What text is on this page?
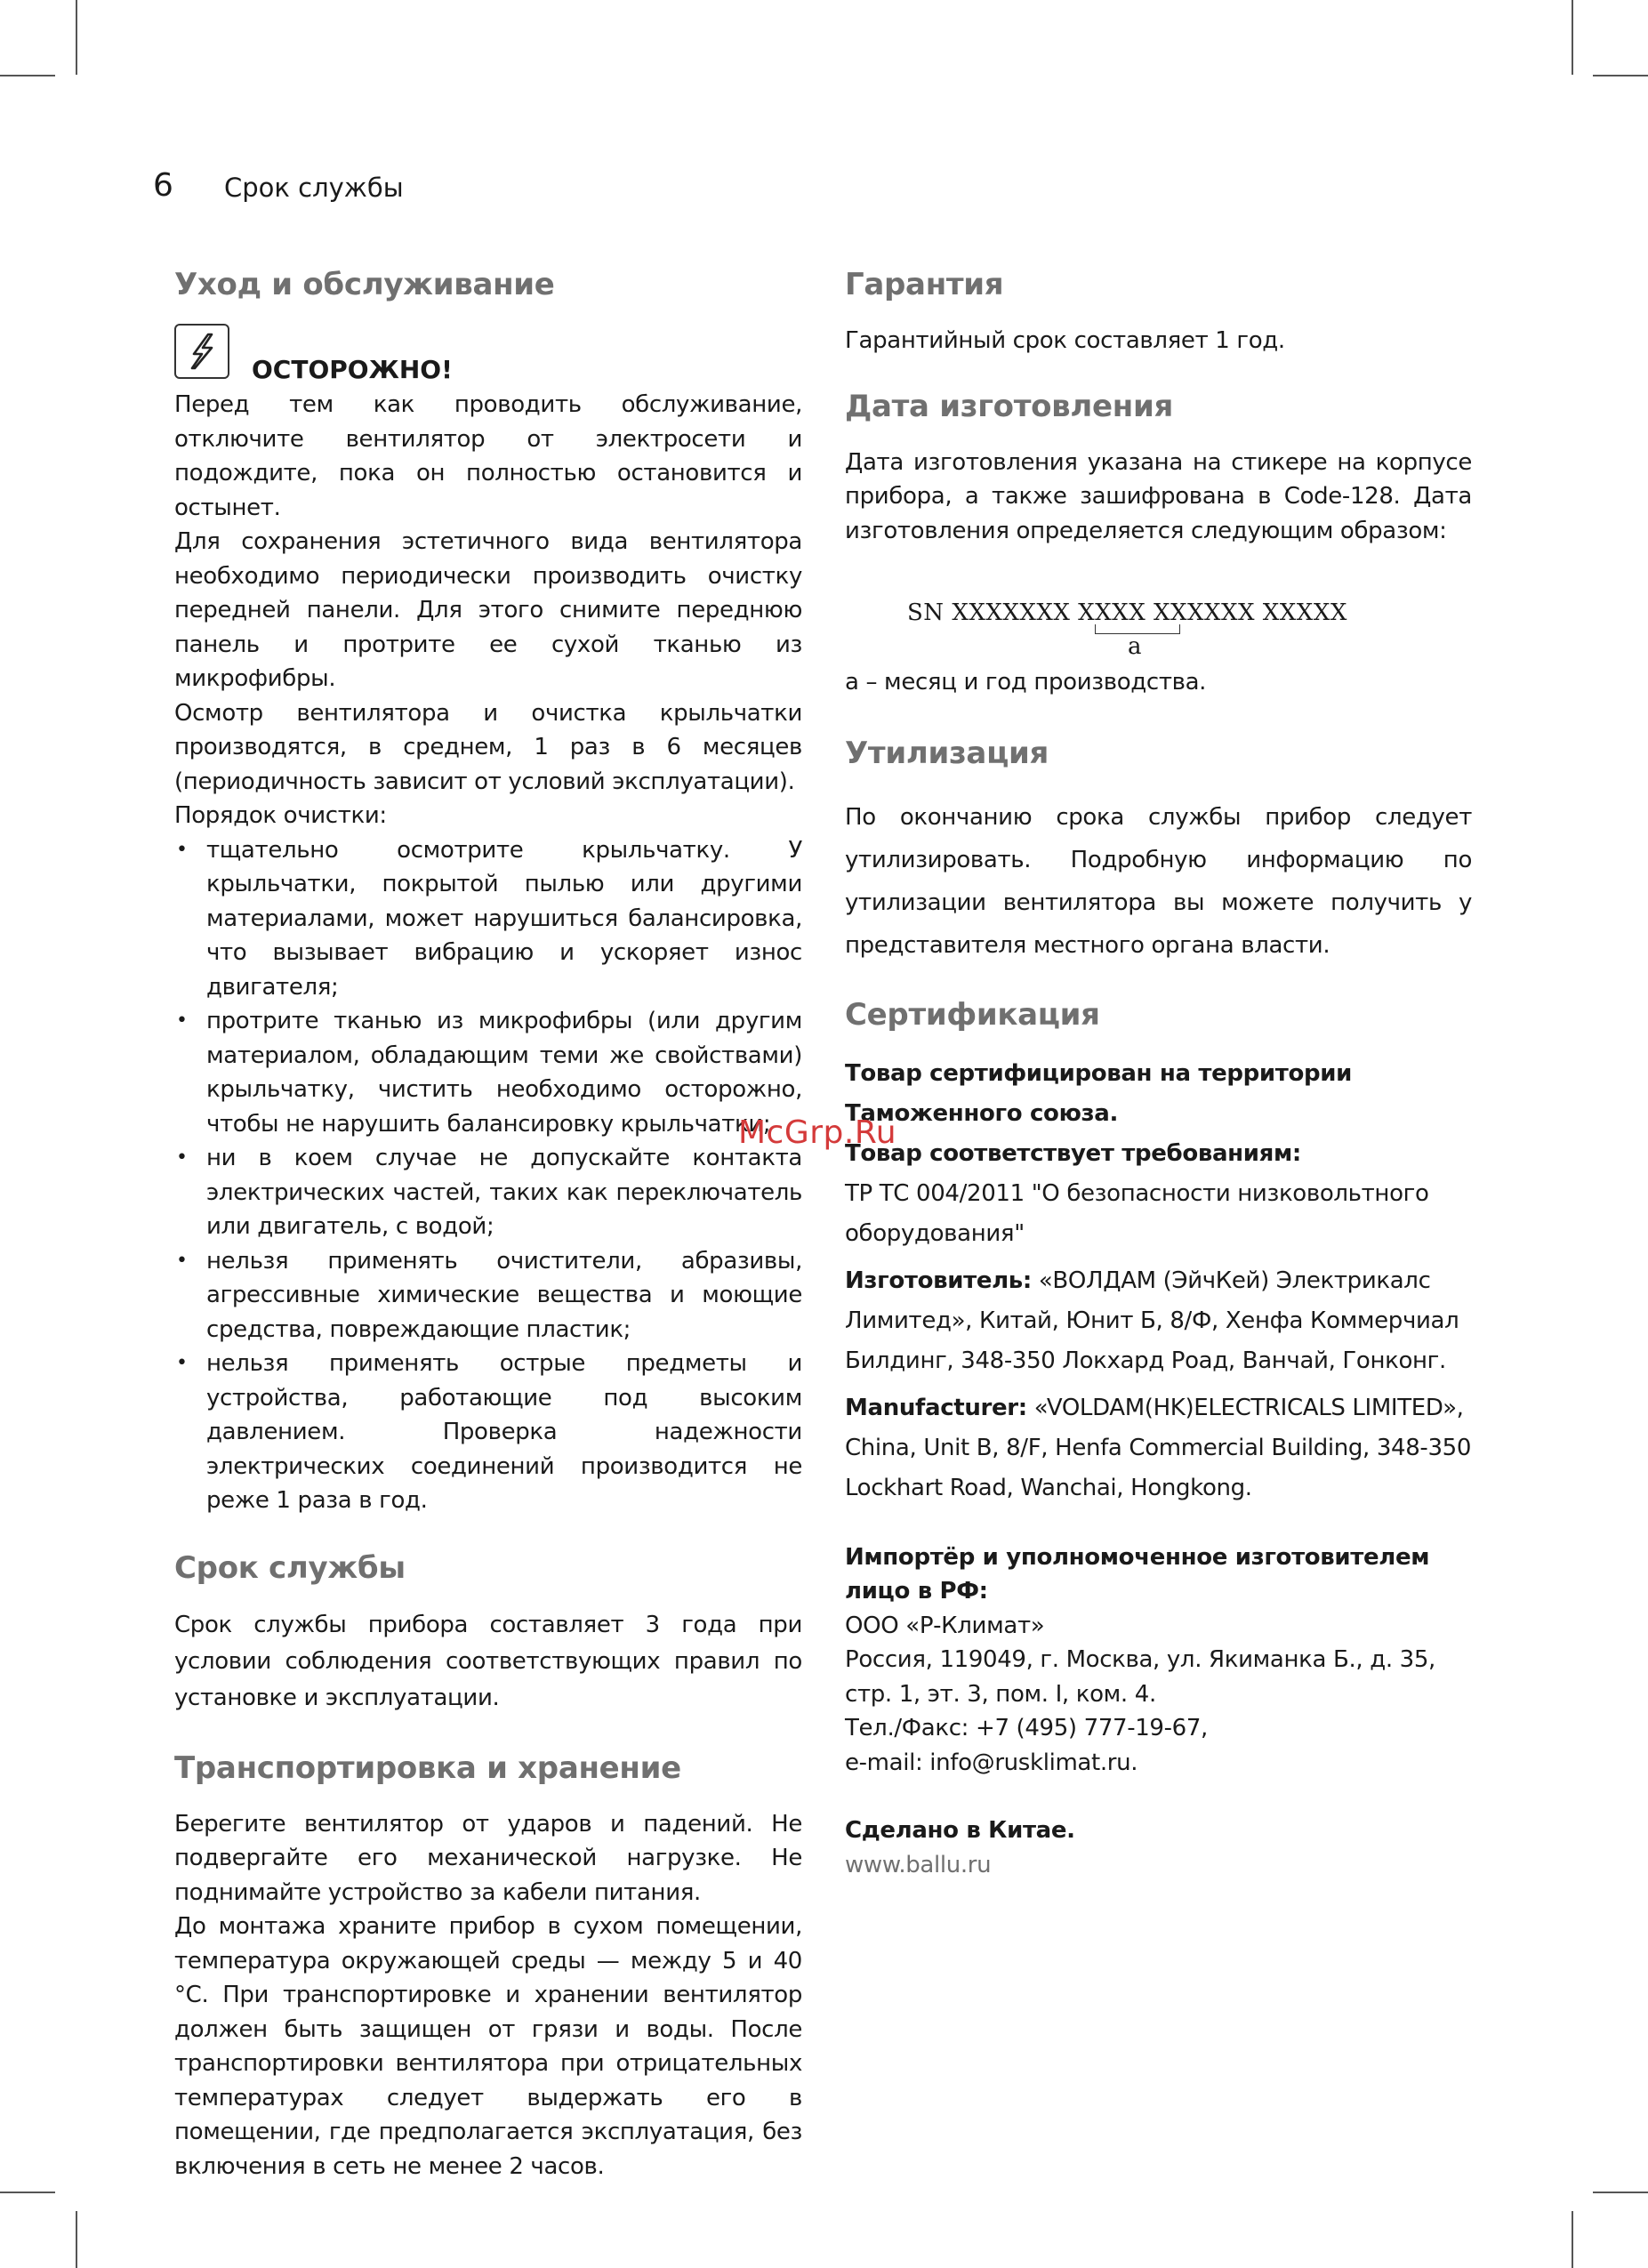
6 Срок службы
Уход и обслуживание
ОСТОРОЖНО!

Перед тем как проводить обслуживание, отключите вентилятор от электросети и подождите, пока он полностью остановится и остынет.

Для сохранения эстетичного вида вентилятора необходимо периодически производить очистку передней панели. Для этого снимите переднюю панель и протрите ее сухой тканью из микрофибры.

Осмотр вентилятора и очистка крыльчатки производятся, в среднем, 1 раз в 6 месяцев (периодичность зависит от условий эксплуатации).

Порядок очистки:

• тщательно осмотрите крыльчатку. У крыльчатки, покрытой пылью или другими материалами, может нарушиться балансировка, что вызывает вибрацию и ускоряет износ двигателя;
• протрите тканью из микрофибры (или другим материалом, обладающим теми же свойствами) крыльчатку, чистить необходимо осторожно, чтобы не нарушить балансировку крыльчатки;
• ни в коем случае не допускайте контакта электрических частей, таких как переключатель или двигатель, с водой;
• нельзя применять очистители, абразивы, агрессивные химические вещества и моющие средства, повреждающие пластик;
• нельзя применять острые предметы и устройства, работающие под высоким давлением. Проверка надежности электрических соединений производится не реже 1 раза в год.
Срок службы

Срок службы прибора составляет 3 года при условии соблюдения соответствующих правил по установке и эксплуатации.

Транспортировка и хранение

Берегите вентилятор от ударов и падений. Не подвергайте его механической нагрузке. Не поднимайте устройство за кабели питания.

До монтажа храните прибор в сухом помещении, температура окружающей среды — между 5 и 40 °C. При транспортировке и хранении вентилятор должен быть защищен от грязи и воды. После транспортировки вентилятора при отрицательных температурах следует выдержать его в помещении, где предполагается эксплуатация, без включения в сеть не менее 2 часов.

Гарантия

Гарантийный срок составляет 1 год.

Дата изготовления

Дата изготовления указана на стикере на корпусе прибора, а также зашифрована в Code-128. Дата изготовления определяется следующим образом:

SN XXXXXXX XXXX XXXXXX XXXXX
a

а – месяц и год производства.

Утилизация

По окончанию срока службы прибор следует утилизировать. Подробную информацию по утилизации вентилятора вы можете получить у представителя местного органа власти.

Сертификация

Товар сертифицирован на территории Таможенного союза.

Товар соответствует требованиям:

ТР ТС 004/2011 "О безопасности низковольтного оборудования"

Изготовитель: «ВОЛДАМ (ЭйчКей) Электрикалс Лимитед», Китай, Юнит Б, 8/Ф, Хенфа Коммерчиал Билдинг, 348-350 Локхард Роад, Ванчай, Гонконг.

Manufacturer: «VOLDAM(HK)ELECTRICALS LIMITED», China, Unit B, 8/F, Henfa Commercial Building, 348-350 Lockhart Road, Wanchai, Hongkong.

Импортёр и уполномоченное изготовителем лицо в РФ:

ООО «Р-Климат»

Россия, 119049, г. Москва, ул. Якиманка Б., д. 35,

стр. 1, эт. 3, пом. I, ком. 4.

Тел./Факс: +7 (495) 777-19-67,

e-mail: info@rusklimat.ru.

Сделано в Китае.

www.ballu.ru

McGrp.Ru
